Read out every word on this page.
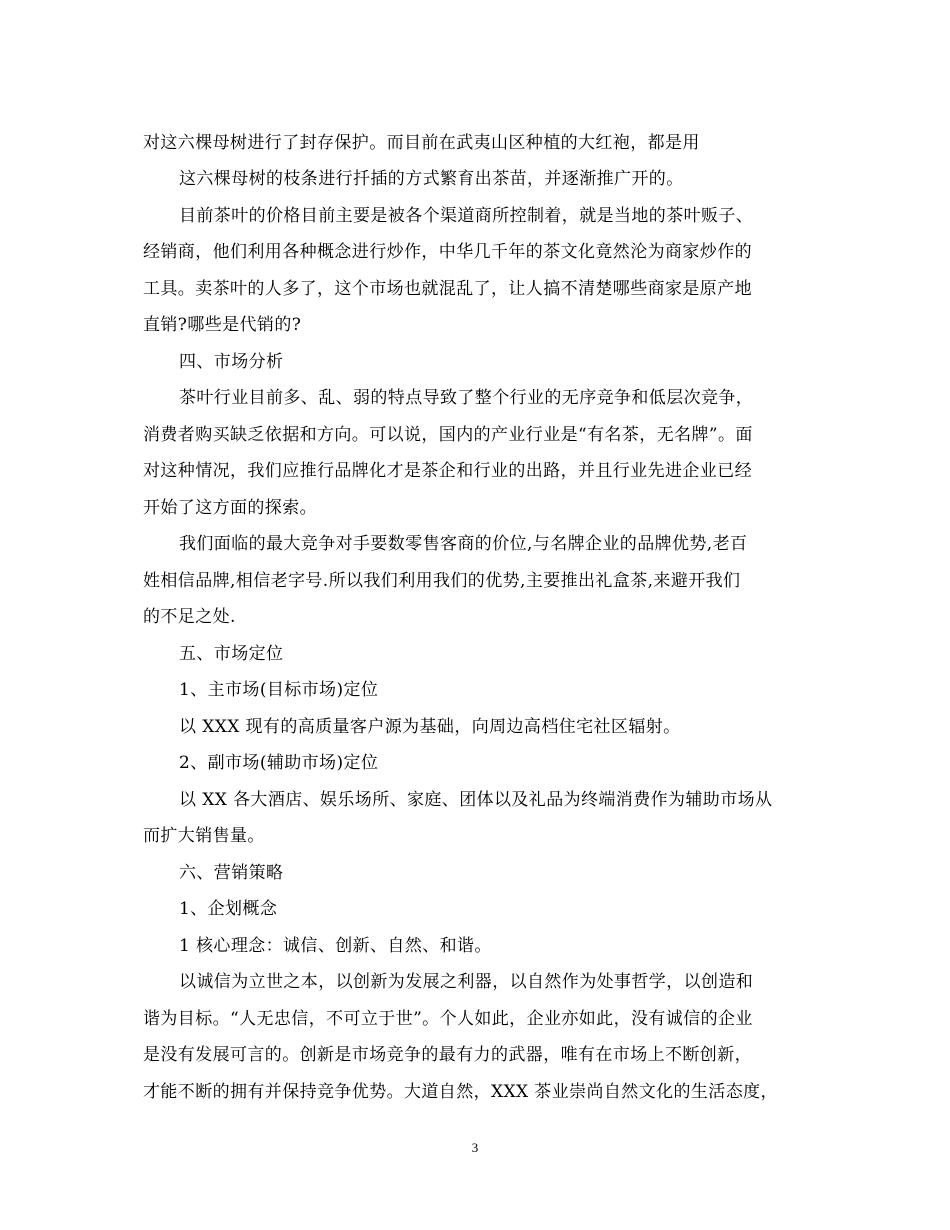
对这六棵母树进行了封存保护。而目前在武夷山区种植的大红袍，都是用
这六棵母树的枝条进行扦插的方式繁育出茶苗，并逐渐推广开的。
目前茶叶的价格目前主要是被各个渠道商所控制着，就是当地的茶叶贩子、
经销商，他们利用各种概念进行炒作，中华几千年的茶文化竟然沦为商家炒作的
工具。卖茶叶的人多了，这个市场也就混乱了，让人搞不清楚哪些商家是原产地
直销?哪些是代销的?
四、市场分析
茶叶行业目前多、乱、弱的特点导致了整个行业的无序竞争和低层次竞争，
消费者购买缺乏依据和方向。可以说，国内的产业行业是“有名茶，无名牌”。面
对这种情况，我们应推行品牌化才是茶企和行业的出路，并且行业先进企业已经
开始了这方面的探索。
我们面临的最大竞争对手要数零售客商的价位,与名牌企业的品牌优势,老百
姓相信品牌,相信老字号.所以我们利用我们的优势,主要推出礼盒茶,来避开我们
的不足之处.
五、市场定位
1、主市场(目标市场)定位
以 XXX 现有的高质量客户源为基础，向周边高档住宅社区辐射。
2、副市场(辅助市场)定位
以 XX 各大酒店、娱乐场所、家庭、团体以及礼品为终端消费作为辅助市场从
而扩大销售量。
六、营销策略
1、企划概念
1 核心理念：诚信、创新、自然、和谐。
以诚信为立世之本，以创新为发展之利器，以自然作为处事哲学，以创造和
谐为目标。“人无忠信，不可立于世”。个人如此，企业亦如此，没有诚信的企业
是没有发展可言的。创新是市场竞争的最有力的武器，唯有在市场上不断创新，
才能不断的拥有并保持竞争优势。大道自然，XXX 茶业崇尚自然文化的生活态度，
3
